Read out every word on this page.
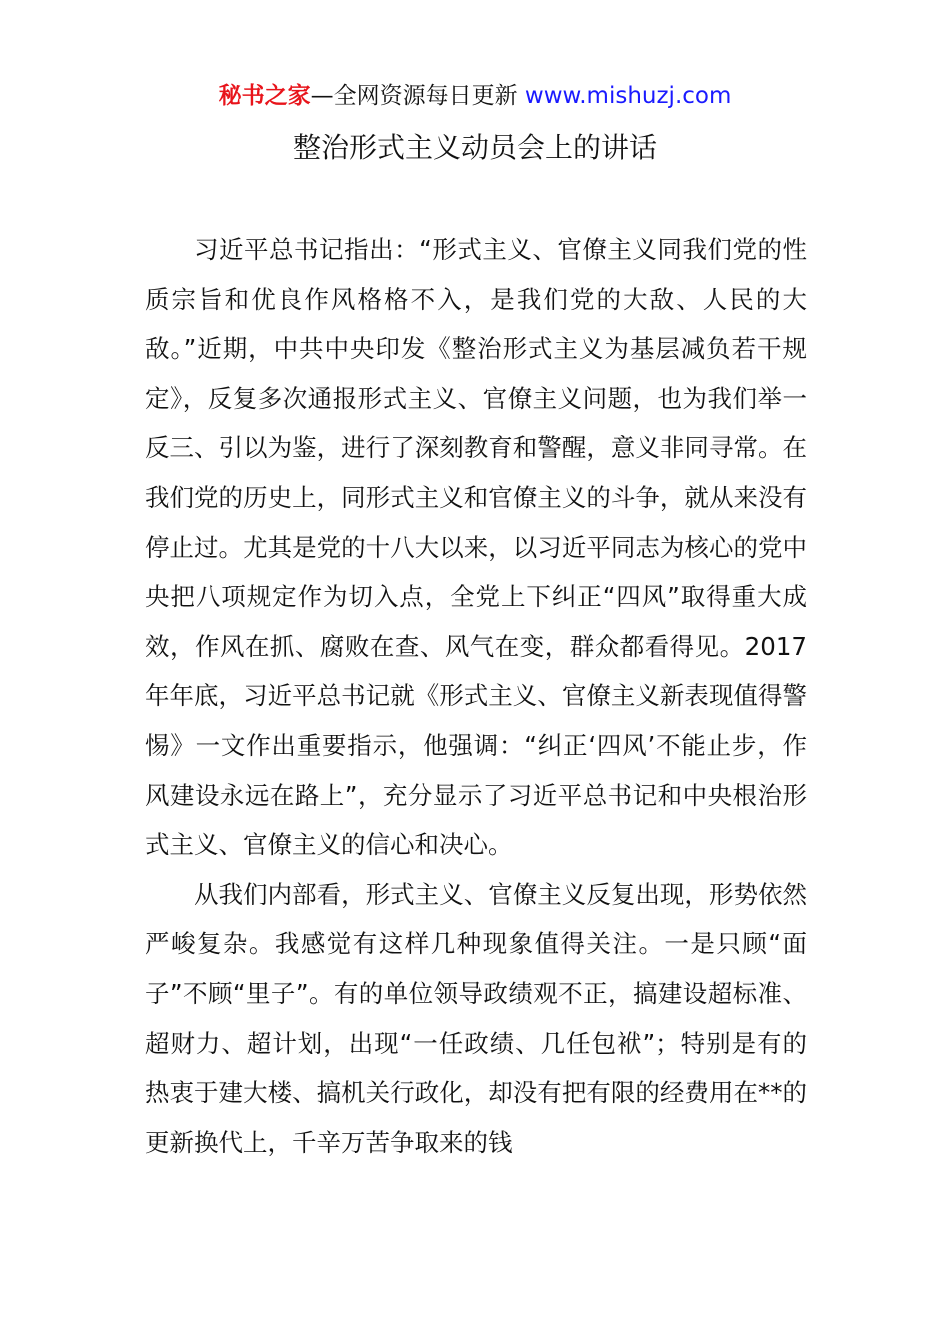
秘书之家—全网资源每日更新 www.mishuzj.com
整治形式主义动员会上的讲话

习近平总书记指出：“形式主义、官僚主义同我们党的性质宗旨和优良作风格格不入，是我们党的大敌、人民的大敌。”近期，中共中央印发《整治形式主义为基层减负若干规定》，反复多次通报形式主义、官僚主义问题，也为我们举一反三、引以为鉴，进行了深刻教育和警醒，意义非同寻常。在我们党的历史上，同形式主义和官僚主义的斗争，就从来没有停止过。尤其是党的十八大以来，以习近平同志为核心的党中央把八项规定作为切入点，全党上下纠正“四风”取得重大成效，作风在抓、腐败在查、风气在变，群众都看得见。2017 年年底，习近平总书记就《形式主义、官僚主义新表现值得警惕》一文作出重要指示，他强调：“纠正‘四风’不能止步，作风建设永远在路上”，充分显示了习近平总书记和中央根治形式主义、官僚主义的信心和决心。

从我们内部看，形式主义、官僚主义反复出现，形势依然严峻复杂。我感觉有这样几种现象值得关注。一是只顾“面子”不顾“里子”。有的单位领导政绩观不正，搞建设超标准、超财力、超计划，出现“一任政绩、几任包袱”；特别是有的热衷于建大楼、搞机关行政化，却没有把有限的经费用在**的更新换代上，千辛万苦争取来的钱
